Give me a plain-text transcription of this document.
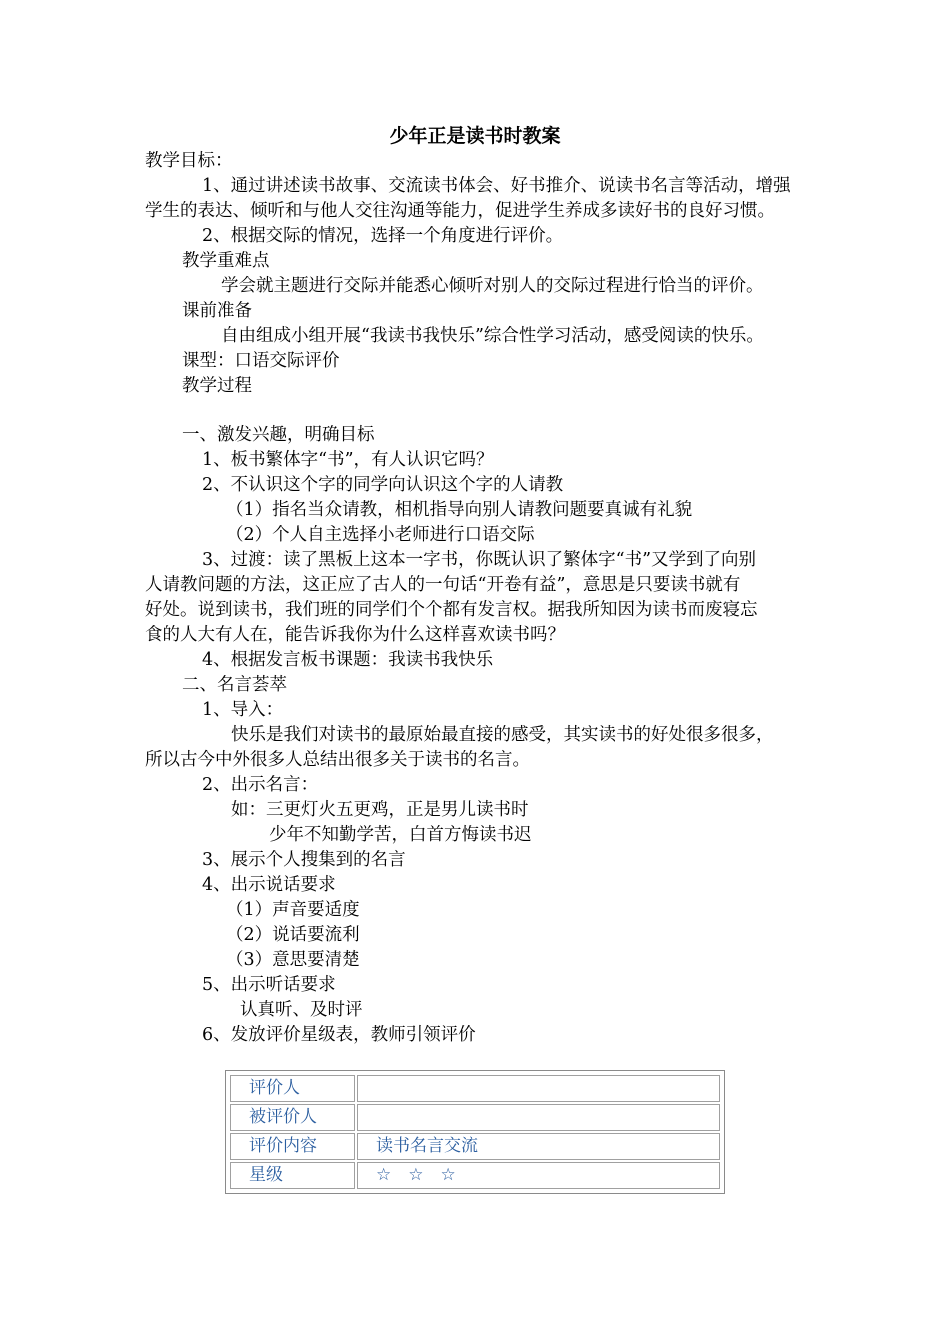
少年正是读书时教案
教学目标：
1、通过讲述读书故事、交流读书体会、好书推介、说读书名言等活动，增强
学生的表达、倾听和与他人交往沟通等能力，促进学生养成多读好书的良好习惯。
2、根据交际的情况，选择一个角度进行评价。
教学重难点
学会就主题进行交际并能悉心倾听对别人的交际过程进行恰当的评价。
课前准备
自由组成小组开展“我读书我快乐”综合性学习活动，感受阅读的快乐。
课型：口语交际评价
教学过程
一、激发兴趣，明确目标
1、板书繁体字“书”，有人认识它吗？
2、不认识这个字的同学向认识这个字的人请教
（1）指名当众请教，相机指导向别人请教问题要真诚有礼貌
（2）个人自主选择小老师进行口语交际
3、过渡：读了黑板上这本一字书，你既认识了繁体字“书”又学到了向别
人请教问题的方法，这正应了古人的一句话“开卷有益”，意思是只要读书就有
好处。说到读书，我们班的同学们个个都有发言权。据我所知因为读书而废寝忘
食的人大有人在，能告诉我你为什么这样喜欢读书吗？
4、根据发言板书课题：我读书我快乐
二、名言荟萃
1、导入：
快乐是我们对读书的最原始最直接的感受，其实读书的好处很多很多，
所以古今中外很多人总结出很多关于读书的名言。
2、出示名言：
如：三更灯火五更鸡，正是男儿读书时
少年不知勤学苦，白首方悔读书迟
3、展示个人搜集到的名言
4、出示说话要求
（1）声音要适度
（2）说话要流利
（3）意思要清楚
5、出示听话要求
认真听、及时评
6、发放评价星级表，教师引领评价
评价人	
被评价人	
评价内容	读书名言交流
星级	☆　☆　☆
